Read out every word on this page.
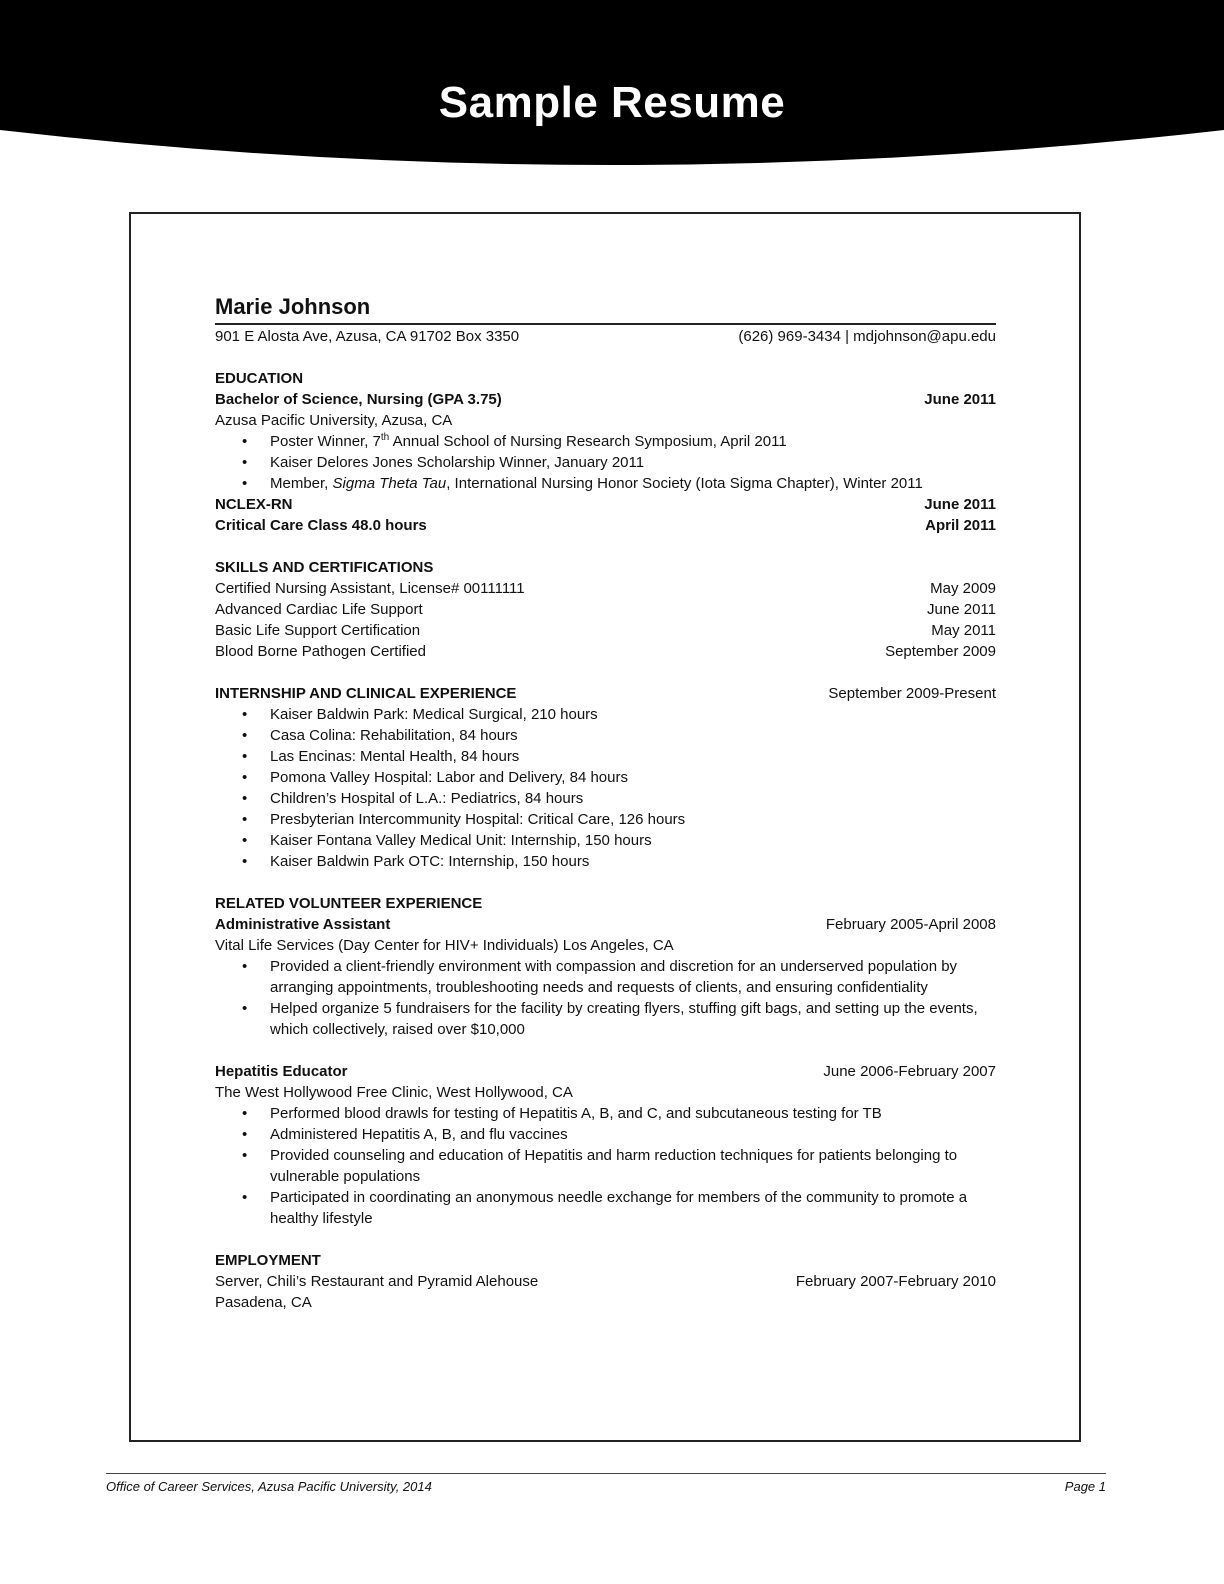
Sample Resume
Marie Johnson
901 E Alosta Ave, Azusa, CA 91702 Box 3350	(626) 969-3434 | mdjohnson@apu.edu
EDUCATION
Bachelor of Science, Nursing (GPA 3.75)	June 2011
Azusa Pacific University, Azusa, CA
• Poster Winner, 7th Annual School of Nursing Research Symposium, April 2011
• Kaiser Delores Jones Scholarship Winner, January 2011
• Member, Sigma Theta Tau, International Nursing Honor Society (Iota Sigma Chapter), Winter 2011
NCLEX-RN	June 2011
Critical Care Class 48.0 hours	April 2011
SKILLS AND CERTIFICATIONS
Certified Nursing Assistant, License# 00111111	May 2009
Advanced Cardiac Life Support	June 2011
Basic Life Support Certification	May 2011
Blood Borne Pathogen Certified	September 2009
INTERNSHIP AND CLINICAL EXPERIENCE	September 2009-Present
• Kaiser Baldwin Park: Medical Surgical, 210 hours
• Casa Colina: Rehabilitation, 84 hours
• Las Encinas: Mental Health, 84 hours
• Pomona Valley Hospital: Labor and Delivery, 84 hours
• Children’s Hospital of L.A.: Pediatrics, 84 hours
• Presbyterian Intercommunity Hospital: Critical Care, 126 hours
• Kaiser Fontana Valley Medical Unit: Internship, 150 hours
• Kaiser Baldwin Park OTC: Internship, 150 hours
RELATED VOLUNTEER EXPERIENCE
Administrative Assistant	February 2005-April 2008
Vital Life Services (Day Center for HIV+ Individuals) Los Angeles, CA
• Provided a client-friendly environment with compassion and discretion for an underserved population by arranging appointments, troubleshooting needs and requests of clients, and ensuring confidentiality
• Helped organize 5 fundraisers for the facility by creating flyers, stuffing gift bags, and setting up the events, which collectively, raised over $10,000
Hepatitis Educator	June 2006-February 2007
The West Hollywood Free Clinic, West Hollywood, CA
• Performed blood drawls for testing of Hepatitis A, B, and C, and subcutaneous testing for TB
• Administered Hepatitis A, B, and flu vaccines
• Provided counseling and education of Hepatitis and harm reduction techniques for patients belonging to vulnerable populations
• Participated in coordinating an anonymous needle exchange for members of the community to promote a healthy lifestyle
EMPLOYMENT
Server, Chili’s Restaurant and Pyramid Alehouse	February 2007-February 2010
Pasadena, CA
Office of Career Services, Azusa Pacific University, 2014	Page 1
